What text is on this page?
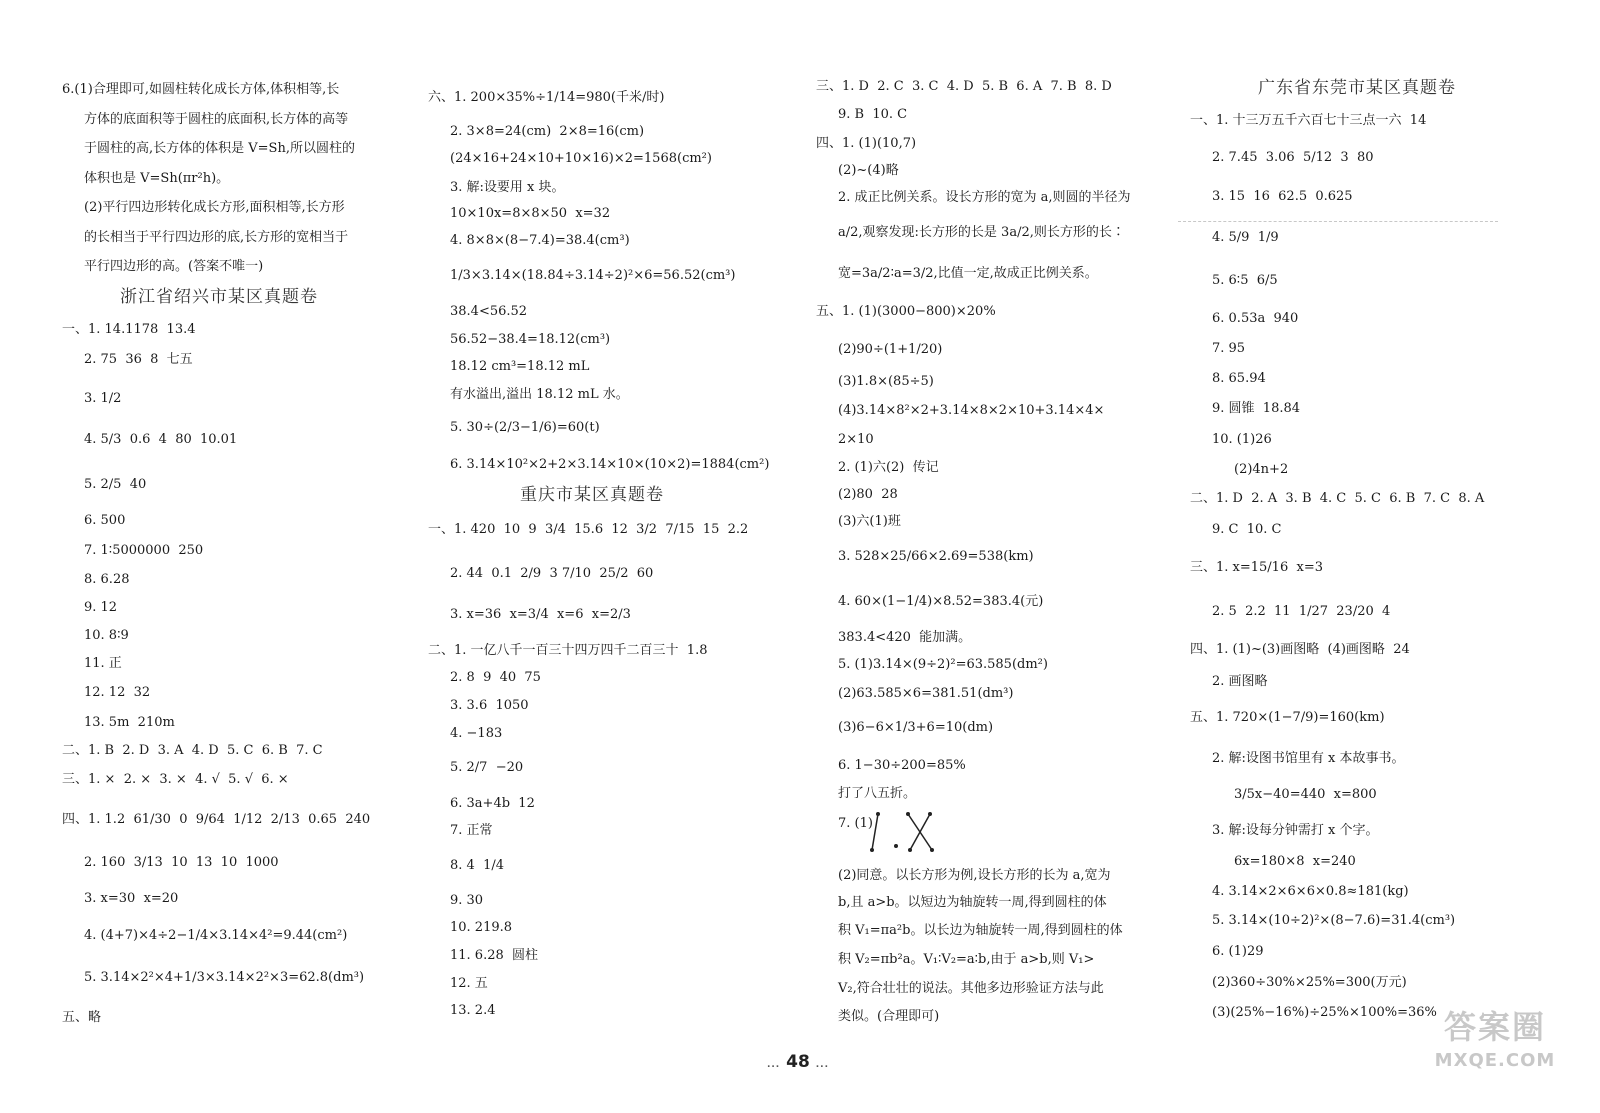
6.(1)合理即可,如圆柱转化成长方体,体积相等,长
方体的底面积等于圆柱的底面积,长方体的高等
于圆柱的高,长方体的体积是 V=Sh,所以圆柱的
体积也是 V=Sh(πr²h)。
(2)平行四边形转化成长方形,面积相等,长方形
的长相当于平行四边形的底,长方形的宽相当于
平行四边形的高。(答案不唯一)
浙江省绍兴市某区真题卷
一、1. 14.1178  13.4
2. 75  36  8  七五
3. 1/2
4. 5/3  0.6  4  80  10.01
5. 2/5  40
6. 500
7. 1∶5000000  250
8. 6.28
9. 12
10. 8∶9
11. 正
12. 12  32
13. 5m  210m
二、1. B  2. D  3. A  4. D  5. C  6. B  7. C
三、1. ×  2. ×  3. ×  4. √  5. √  6. ×
四、1. 1.2  61/30  0  9/64  1/12  2/13  0.65  240
2. 160  3/13  10  13  10  1000
3. x=30  x=20
4. (4+7)×4÷2−1/4×3.14×4²=9.44(cm²)
5. 3.14×2²×4+1/3×3.14×2²×3=62.8(dm³)
五、略
六、1. 200×35%÷1/14=980(千米/时)
2. 3×8=24(cm)  2×8=16(cm)
(24×16+24×10+10×16)×2=1568(cm²)
3. 解:设要用 x 块。
10×10x=8×8×50  x=32
4. 8×8×(8−7.4)=38.4(cm³)
1/3×3.14×(18.84÷3.14÷2)²×6=56.52(cm³)
38.4<56.52
56.52−38.4=18.12(cm³)
18.12 cm³=18.12 mL
有水溢出,溢出 18.12 mL 水。
5. 30÷(2/3−1/6)=60(t)
6. 3.14×10²×2+2×3.14×10×(10×2)=1884(cm²)
重庆市某区真题卷
一、1. 420  10  9  3/4  15.6  12  3/2  7/15  15  2.2
2. 44  0.1  2/9  3 7/10  25/2  60
3. x=36  x=3/4  x=6  x=2/3
二、1. 一亿八千一百三十四万四千二百三十  1.8
2. 8  9  40  75
3. 3.6  1050
4. −183
5. 2/7  −20
6. 3a+4b  12
7. 正常
8. 4  1/4
9. 30
10. 219.8
11. 6.28  圆柱
12. 五
13. 2.4
三、1. D  2. C  3. C  4. D  5. B  6. A  7. B  8. D
9. B  10. C
四、1. (1)(10,7)
(2)~(4)略
2. 成正比例关系。设长方形的宽为 a,则圆的半径为
a/2,观察发现:长方形的长是 3a/2,则长方形的长∶
宽=3a/2∶a=3/2,比值一定,故成正比例关系。
五、1. (1)(3000−800)×20%
(2)90÷(1+1/20)
(3)1.8×(85÷5)
(4)3.14×8²×2+3.14×8×2×10+3.14×4×
2×10
2. (1)六(2)  传记
(2)80  28
(3)六(1)班
3. 528×25/66×2.69=538(km)
4. 60×(1−1/4)×8.52=383.4(元)
383.4<420  能加满。
5. (1)3.14×(9÷2)²=63.585(dm²)
(2)63.585×6=381.51(dm³)
(3)6−6×1/3+6=10(dm)
6. 1−30÷200=85%
打了八五折。
7. (1)
(2)同意。以长方形为例,设长方形的长为 a,宽为
b,且 a>b。以短边为轴旋转一周,得到圆柱的体
积 V₁=πa²b。以长边为轴旋转一周,得到圆柱的体
积 V₂=πb²a。V₁∶V₂=a∶b,由于 a>b,则 V₁>
V₂,符合壮壮的说法。其他多边形验证方法与此
类似。(合理即可)
广东省东莞市某区真题卷
一、1. 十三万五千六百七十三点一六  14
2. 7.45  3.06  5/12  3  80
3. 15  16  62.5  0.625
4. 5/9  1/9
5. 6∶5  6/5
6. 0.53a  940
7. 95
8. 65.94
9. 圆锥  18.84
10. (1)26
(2)4n+2
二、1. D  2. A  3. B  4. C  5. C  6. B  7. C  8. A
9. C  10. C
三、1. x=15/16  x=3
2. 5  2.2  11  1/27  23/20  4
四、1. (1)~(3)画图略  (4)画图略  24
2. 画图略
五、1. 720×(1−7/9)=160(km)
2. 解:设图书馆里有 x 本故事书。
3/5x−40=440  x=800
3. 解:设每分钟需打 x 个字。
6x=180×8  x=240
4. 3.14×2×6×6×0.8≈181(kg)
5. 3.14×(10÷2)²×(8−7.6)=31.4(cm³)
6. (1)29
(2)360÷30%×25%=300(万元)
(3)(25%−16%)÷25%×100%=36%
... 48 ...
答案圈
MXQE.COM
